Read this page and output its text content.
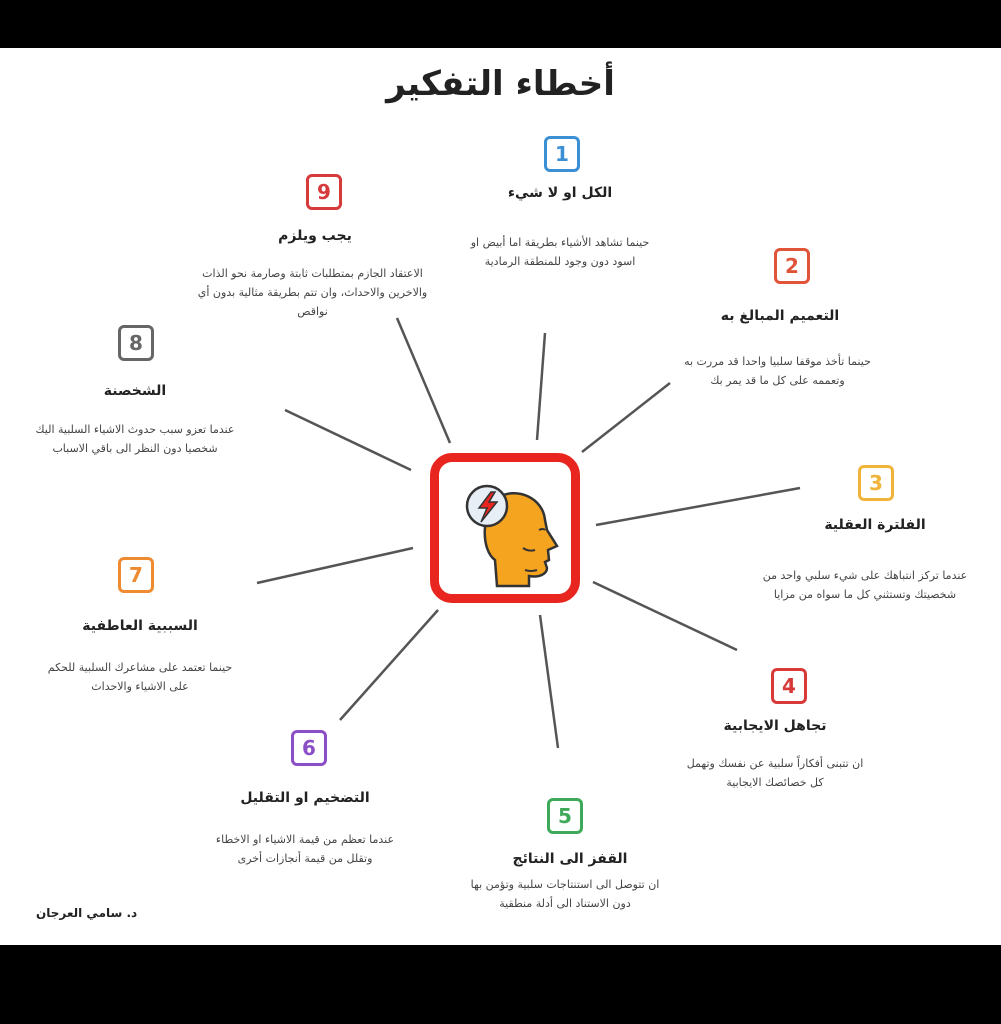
أخطاء التفكير
1
الكل او لا شيء
حينما تشاهد الأشياء بطريقة اما أبيض او اسود دون وجود للمنطقة الرمادية	2
التعميم المبالغ به
حينما تأخذ موقفا سلبيا واحدا قد مررت به وتعممه على كل ما قد يمر بك
3
الفلترة العقلية
عندما تركز انتباهك على شيء سلبي واحد من شخصيتك وتستثني كل ما سواه من مزايا
4
تجاهل الايجابية
ان تتبنى أفكاراً سلبية عن نفسك وتهمل كل خصائصك الايجابية
5
القفز الى النتائج
ان تتوصل الى استنتاجات سلبية وتؤمن بها دون الاستناد الى أدلة منطقية
6
التضخيم او التقليل
عندما تعظم من قيمة الاشياء او الاخطاء وتقلل من قيمة أنجازات أخرى
7
السببية العاطفية
حينما تعتمد على مشاعرك السلبية للحكم على الاشياء والاحداث
8
الشخصنة
عندما تعزو سبب حدوث الاشياء السلبية اليك شخصيا دون النظر الى باقي الاسباب
9
يجب ويلزم
الاعتقاد الجازم بمتطلبات ثابتة وصارمة نحو الذات والاخرين والاحداث، وان تتم بطريقة مثالية بدون أي نواقص
د. سامي العرجان
